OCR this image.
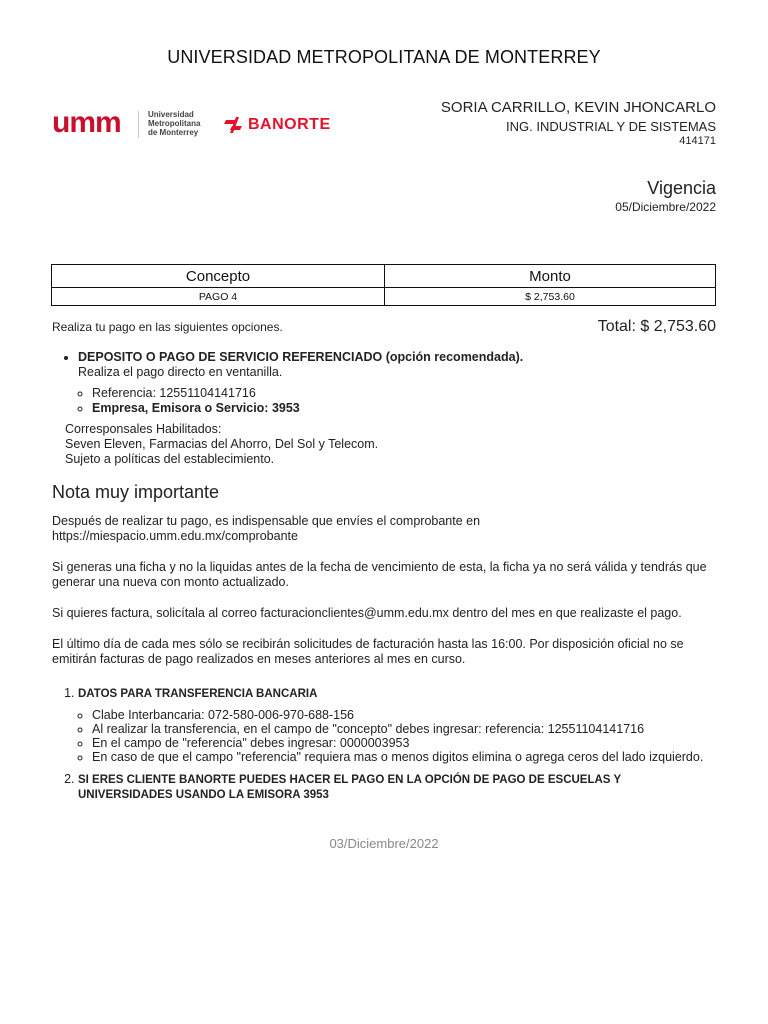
UNIVERSIDAD METROPOLITANA DE MONTERREY
umm	Universidad
Metropolitana
de Monterrey	BANORTE
SORIA CARRILLO, KEVIN JHONCARLO
ING. INDUSTRIAL Y DE SISTEMAS
414171
Vigencia
05/Diciembre/2022
Concepto	Monto
PAGO 4	$ 2,753.60
Realiza tu pago en las siguientes opciones.	Total: $ 2,753.60
• DEPOSITO O PAGO DE SERVICIO REFERENCIADO (opción recomendada).
Realiza el pago directo en ventanilla.
◦ Referencia: 12551104141716
◦ Empresa, Emisora o Servicio: 3953
Corresponsales Habilitados:
Seven Eleven, Farmacias del Ahorro, Del Sol y Telecom.
Sujeto a políticas del establecimiento.
Nota muy importante

Después de realizar tu pago, es indispensable que envíes el comprobante en
https://miespacio.umm.edu.mx/comprobante

Si generas una ficha y no la liquidas antes de la fecha de vencimiento de esta, la ficha ya no será válida y tendrás que generar una nueva con monto actualizado.

Si quieres factura, solicítala al correo facturacionclientes@umm.edu.mx dentro del mes en que realizaste el pago.

El último día de cada mes sólo se recibirán solicitudes de facturación hasta las 16:00. Por disposición oficial no se emitirán facturas de pago realizados en meses anteriores al mes en curso.

1. DATOS PARA TRANSFERENCIA BANCARIA
◦ Clabe Interbancaria: 072-580-006-970-688-156
◦ Al realizar la transferencia, en el campo de "concepto" debes ingresar: referencia: 12551104141716
◦ En el campo de "referencia" debes ingresar: 0000003953
◦ En caso de que el campo "referencia" requiera mas o menos digitos elimina o agrega ceros del lado izquierdo.
2. SI ERES CLIENTE BANORTE PUEDES HACER EL PAGO EN LA OPCIÓN DE PAGO DE ESCUELAS Y UNIVERSIDADES USANDO LA EMISORA 3953
03/Diciembre/2022
